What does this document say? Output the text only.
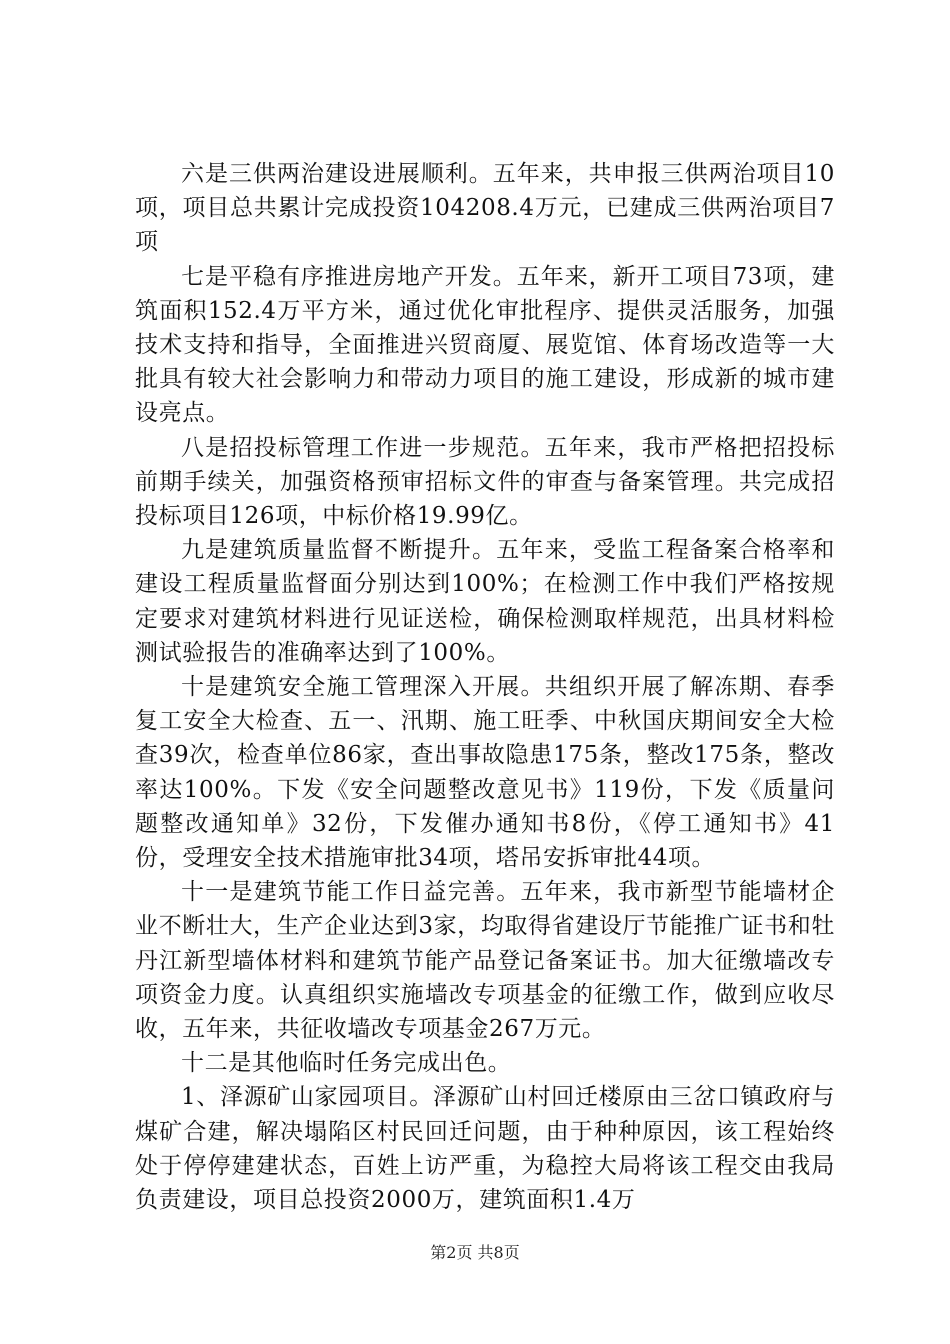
六是三供两治建设进展顺利。五年来，共申报三供两治项目10项，项目总共累计完成投资104208.4万元，已建成三供两治项目7项

七是平稳有序推进房地产开发。五年来，新开工项目73项，建筑面积152.4万平方米，通过优化审批程序、提供灵活服务，加强技术支持和指导，全面推进兴贸商厦、展览馆、体育场改造等一大批具有较大社会影响力和带动力项目的施工建设，形成新的城市建设亮点。

八是招投标管理工作进一步规范。五年来，我市严格把招投标前期手续关，加强资格预审招标文件的审查与备案管理。共完成招投标项目126项，中标价格19.99亿。

九是建筑质量监督不断提升。五年来，受监工程备案合格率和建设工程质量监督面分别达到100%；在检测工作中我们严格按规定要求对建筑材料进行见证送检，确保检测取样规范，出具材料检测试验报告的准确率达到了100%。

十是建筑安全施工管理深入开展。共组织开展了解冻期、春季复工安全大检查、五一、汛期、施工旺季、中秋国庆期间安全大检查39次，检查单位86家，查出事故隐患175条，整改175条，整改率达100%。下发《安全问题整改意见书》119份，下发《质量问题整改通知单》32份，下发催办通知书8份，《停工通知书》41份，受理安全技术措施审批34项，塔吊安拆审批44项。

十一是建筑节能工作日益完善。五年来，我市新型节能墙材企业不断壮大，生产企业达到3家，均取得省建设厅节能推广证书和牡丹江新型墙体材料和建筑节能产品登记备案证书。加大征缴墙改专项资金力度。认真组织实施墙改专项基金的征缴工作，做到应收尽收，五年来，共征收墙改专项基金267万元。

十二是其他临时任务完成出色。

1、泽源矿山家园项目。泽源矿山村回迁楼原由三岔口镇政府与煤矿合建，解决塌陷区村民回迁问题，由于种种原因，该工程始终处于停停建建状态，百姓上访严重，为稳控大局将该工程交由我局负责建设，项目总投资2000万，建筑面积1.4万

第2页 共8页
